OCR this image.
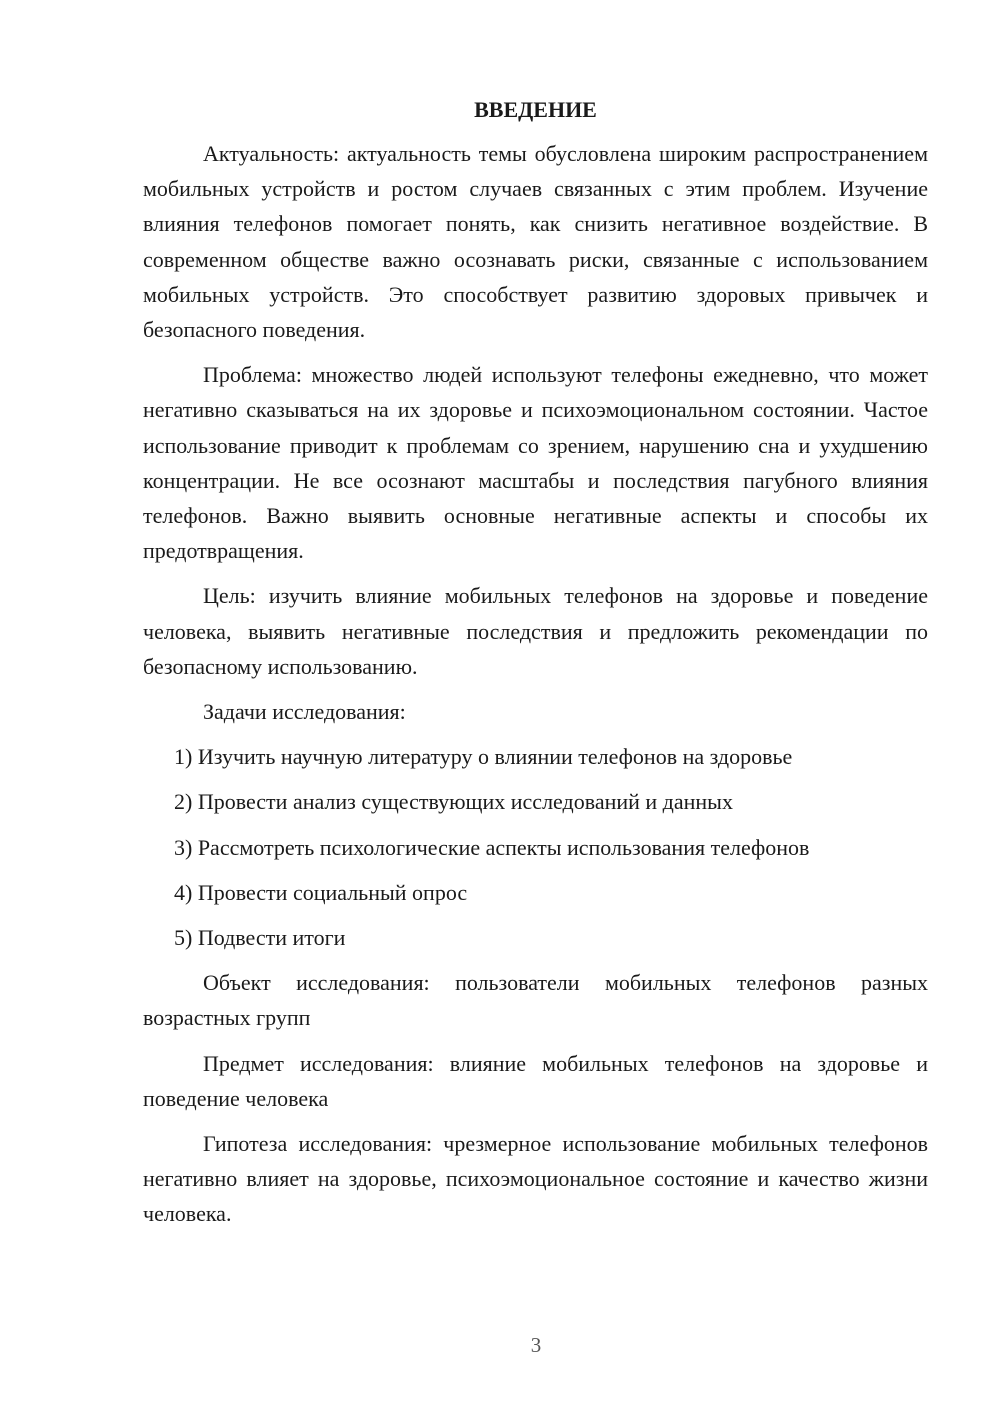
ВВЕДЕНИЕ

Актуальность: актуальность темы обусловлена широким распространением мобильных устройств и ростом случаев связанных с этим проблем. Изучение влияния телефонов помогает понять, как снизить негативное воздействие. В современном обществе важно осознавать риски, связанные с использованием мобильных устройств. Это способствует развитию здоровых привычек и безопасного поведения.

Проблема: множество людей используют телефоны ежедневно, что может негативно сказываться на их здоровье и психоэмоциональном состоянии. Частое использование приводит к проблемам со зрением, нарушению сна и ухудшению концентрации. Не все осознают масштабы и последствия пагубного влияния телефонов. Важно выявить основные негативные аспекты и способы их предотвращения.

Цель: изучить влияние мобильных телефонов на здоровье и поведение человека, выявить негативные последствия и предложить рекомендации по безопасному использованию.

Задачи исследования:

1) Изучить научную литературу о влиянии телефонов на здоровье
2) Провести анализ существующих исследований и данных
3) Рассмотреть психологические аспекты использования телефонов
4) Провести социальный опрос
5) Подвести итоги

Объект исследования: пользователи мобильных телефонов разных возрастных групп

Предмет исследования: влияние мобильных телефонов на здоровье и поведение человека

Гипотеза исследования: чрезмерное использование мобильных телефонов негативно влияет на здоровье, психоэмоциональное состояние и качество жизни человека.

3
